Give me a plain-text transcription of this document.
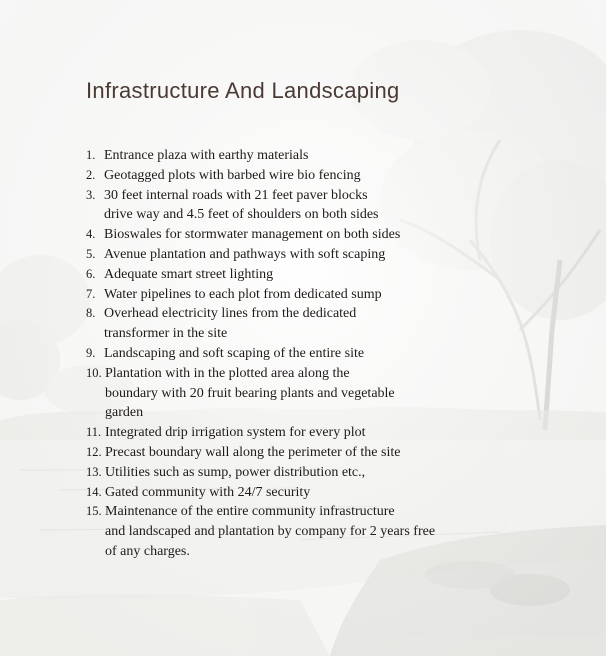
Infrastructure And Landscaping
1. Entrance plaza with earthy materials
2. Geotagged plots with barbed wire bio fencing
3. 30 feet internal roads with 21 feet paver blocks
drive way and 4.5 feet of shoulders on both sides
4. Bioswales for stormwater management on both sides
5. Avenue plantation and pathways with soft scaping
6. Adequate smart street lighting
7. Water pipelines to each plot from dedicated sump
8. Overhead electricity lines from the dedicated
transformer in the site
9. Landscaping and soft scaping of the entire site
10. Plantation with in the plotted area along the
boundary with 20 fruit bearing plants and vegetable
garden
11. Integrated drip irrigation system for every plot
12. Precast boundary wall along the perimeter of the site
13. Utilities such as sump, power distribution etc.,
14. Gated community with 24/7 security
15. Maintenance of the entire community infrastructure
and landscaped and plantation by company for 2 years free
of any charges.
